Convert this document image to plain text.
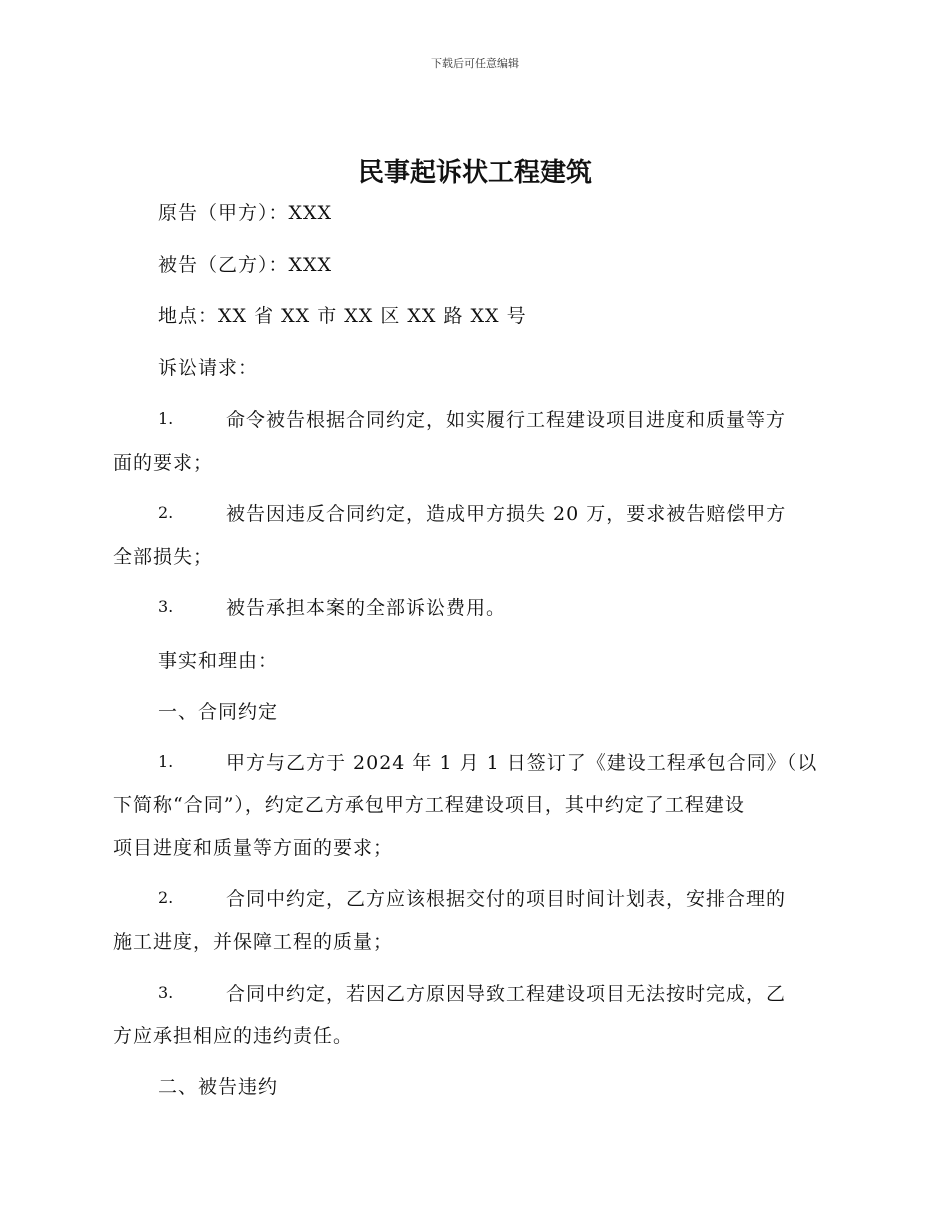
下载后可任意编辑
民事起诉状工程建筑
原告（甲方）：XXX
被告（乙方）：XXX
地点：XX 省 XX 市 XX 区 XX 路 XX 号
诉讼请求：
1.	命令被告根据合同约定，如实履行工程建设项目进度和质量等方
面的要求；
2.	被告因违反合同约定，造成甲方损失 20 万，要求被告赔偿甲方
全部损失；
3.	被告承担本案的全部诉讼费用。
事实和理由：
一、合同约定
1.	甲方与乙方于 2024 年 1 月 1 日签订了《建设工程承包合同》（以
下简称“合同”），约定乙方承包甲方工程建设项目，其中约定了工程建设
项目进度和质量等方面的要求；
2.	合同中约定，乙方应该根据交付的项目时间计划表，安排合理的
施工进度，并保障工程的质量；
3.	合同中约定，若因乙方原因导致工程建设项目无法按时完成，乙
方应承担相应的违约责任。
二、被告违约
